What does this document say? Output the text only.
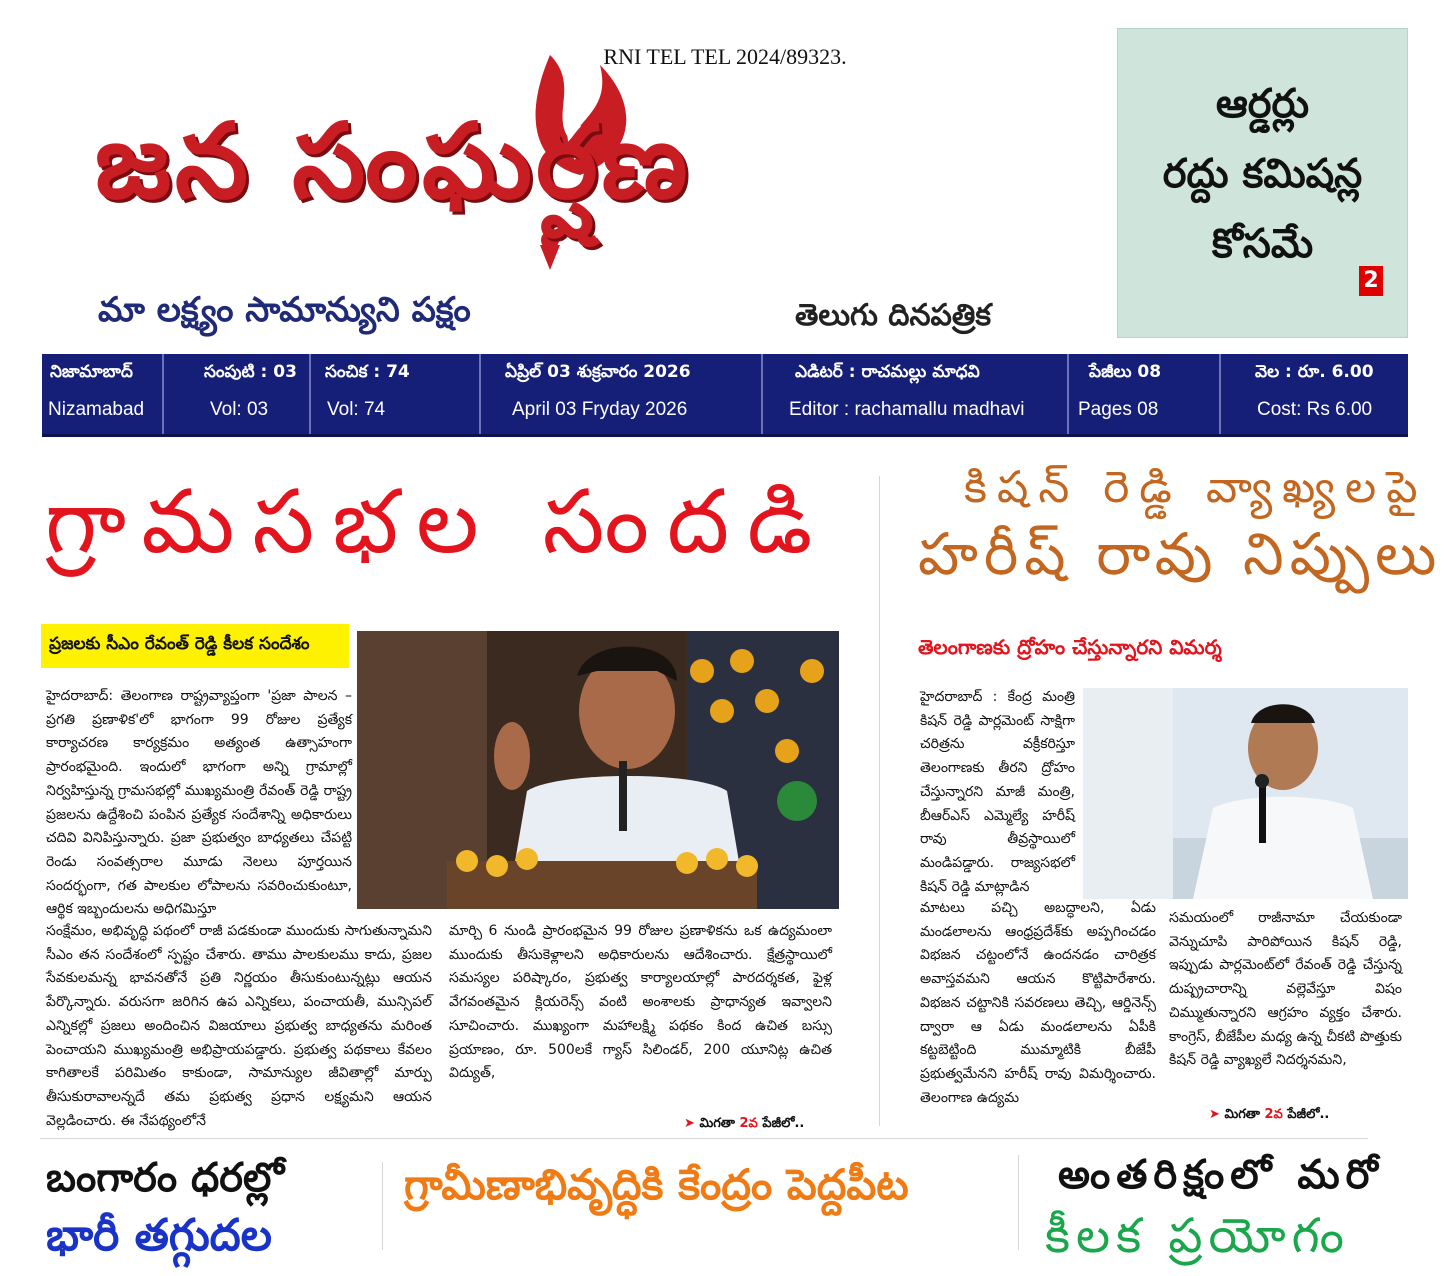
RNI TEL TEL 2024/89323.
జన సంఘర్షణ
మా లక్ష్యం సామాన్యుని పక్షం	తెలుగు దినపత్రిక
ఆర్డర్లు
రద్దు కమిషన్ల
కోసమే
2
నిజామాబాద్
Nizamabad
సంపుటి : 03
Vol: 03
సంచిక : 74
Vol: 74
ఏప్రిల్ 03 శుక్రవారం 2026
April 03 Fryday 2026
ఎడిటర్ : రాచమల్లు మాధవి
Editor : rachamallu madhavi
పేజీలు 08
Pages 08
వెల : రూ. 6.00
Cost: Rs 6.00
గ్రామసభల సందడి
ప్రజలకు సీఎం రేవంత్ రెడ్డి కీలక సందేశం
హైదరాబాద్: తెలంగాణ రాష్ట్రవ్యాప్తంగా 'ప్రజా పాలన – ప్రగతి ప్రణాళిక'లో భాగంగా 99 రోజుల ప్రత్యేక కార్యాచరణ కార్యక్రమం అత్యంత ఉత్సాహంగా ప్రారంభమైంది. ఇందులో భాగంగా అన్ని గ్రామాల్లో నిర్వహిస్తున్న గ్రామసభల్లో ముఖ్యమంత్రి రేవంత్ రెడ్డి రాష్ట్ర ప్రజలను ఉద్దేశించి పంపిన ప్రత్యేక సందేశాన్ని అధికారులు చదివి వినిపిస్తున్నారు. ప్రజా ప్రభుత్వం బాధ్యతలు చేపట్టి రెండు సంవత్సరాల మూడు నెలలు పూర్తయిన సందర్భంగా, గత పాలకుల లోపాలను సవరించుకుంటూ, ఆర్థిక ఇబ్బందులను అధిగమిస్తూ
సంక్షేమం, అభివృద్ధి పథంలో రాజీ పడకుండా ముందుకు సాగుతున్నామని సీఎం తన సందేశంలో స్పష్టం చేశారు. తాము పాలకులము కాదు, ప్రజల సేవకులమన్న భావనతోనే ప్రతి నిర్ణయం తీసుకుంటున్నట్లు ఆయన పేర్కొన్నారు. వరుసగా జరిగిన ఉప ఎన్నికలు, పంచాయతీ, మున్సిపల్ ఎన్నికల్లో ప్రజలు అందించిన విజయాలు ప్రభుత్వ బాధ్యతను మరింత పెంచాయని ముఖ్యమంత్రి అభిప్రాయపడ్డారు. ప్రభుత్వ పథకాలు కేవలం కాగితాలకే పరిమితం కాకుండా, సామాన్యుల జీవితాల్లో మార్పు తీసుకురావాలన్నదే తమ ప్రభుత్వ ప్రధాన లక్ష్యమని ఆయన వెల్లడించారు. ఈ నేపథ్యంలోనే
మార్చి 6 నుండి ప్రారంభమైన 99 రోజుల ప్రణాళికను ఒక ఉద్యమంలా ముందుకు తీసుకెళ్లాలని అధికారులను ఆదేశించారు. క్షేత్రస్థాయిలో సమస్యల పరిష్కారం, ప్రభుత్వ కార్యాలయాల్లో పారదర్శకత, ఫైళ్ల వేగవంతమైన క్లియరెన్స్ వంటి అంశాలకు ప్రాధాన్యత ఇవ్వాలని సూచించారు. ముఖ్యంగా మహాలక్ష్మి పథకం కింద ఉచిత బస్సు ప్రయాణం, రూ. 500లకే గ్యాస్ సిలిండర్, 200 యూనిట్ల ఉచిత విద్యుత్,
➤ మిగతా 2వ పేజీలో..
కిషన్ రెడ్డి వ్యాఖ్యలపై
హరీష్ రావు నిప్పులు
తెలంగాణకు ద్రోహం చేస్తున్నారని విమర్శ
హైదరాబాద్ : కేంద్ర మంత్రి కిషన్ రెడ్డి పార్లమెంట్ సాక్షిగా చరిత్రను వక్రీకరిస్తూ తెలంగాణకు తీరని ద్రోహం చేస్తున్నారని మాజీ మంత్రి, బీఆర్ఎస్ ఎమ్మెల్యే హరీష్ రావు తీవ్రస్థాయిలో మండిపడ్డారు. రాజ్యసభలో కిషన్ రెడ్డి మాట్లాడిన
మాటలు పచ్చి అబద్ధాలని, ఏడు మండలాలను ఆంధ్రప్రదేశ్‌కు అప్పగించడం విభజన చట్టంలోనే ఉందనడం చారిత్రక అవాస్తవమని ఆయన కొట్టిపారేశారు. విభజన చట్టానికి సవరణలు తెచ్చి, ఆర్డినెన్స్ ద్వారా ఆ ఏడు మండలాలను ఏపీకి కట్టబెట్టింది ముమ్మాటికి బీజేపీ ప్రభుత్వమేనని హరీష్ రావు విమర్శించారు. తెలంగాణ ఉద్యమ
సమయంలో రాజీనామా చేయకుండా వెన్నుచూపి పారిపోయిన కిషన్ రెడ్డి, ఇప్పుడు పార్లమెంట్‌లో రేవంత్ రెడ్డి చేస్తున్న దుష్ప్రచారాన్ని వల్లెవేస్తూ విషం చిమ్ముతున్నారని ఆగ్రహం వ్యక్తం చేశారు. కాంగ్రెస్, బీజేపీల మధ్య ఉన్న చీకటి పొత్తుకు కిషన్ రెడ్డి వ్యాఖ్యలే నిదర్శనమని,
➤ మిగతా 2వ పేజీలో..
బంగారం ధరల్లో
భారీ తగ్గుదల
గ్రామీణాభివృద్ధికి కేంద్రం పెద్దపీట	అంతరిక్షంలో మరో
కీలక ప్రయోగం
